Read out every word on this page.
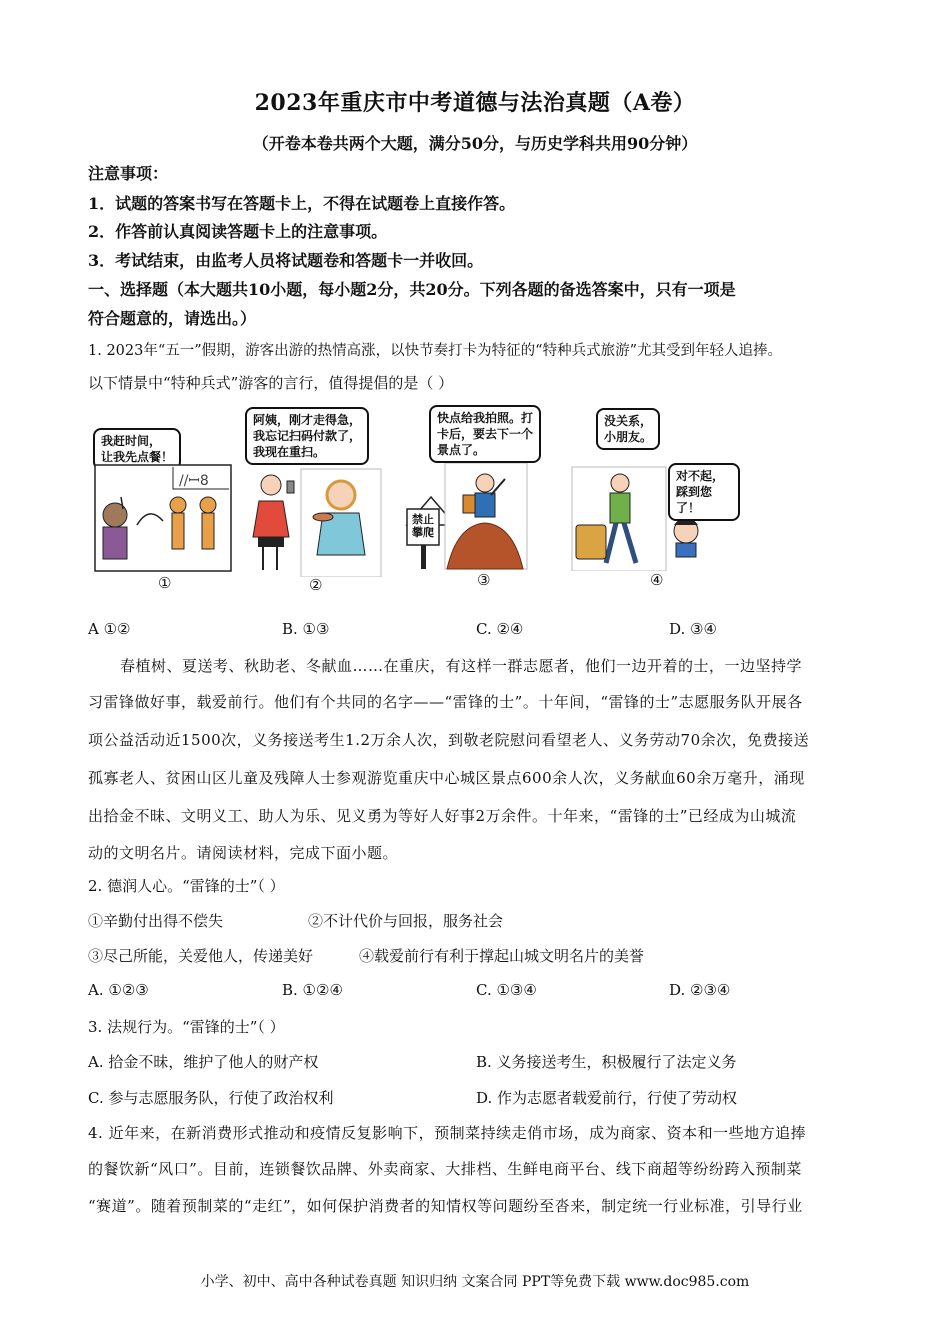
2023年重庆市中考道德与法治真题（A卷）
（开卷本卷共两个大题，满分50分，与历史学科共用90分钟）
注意事项：
1．试题的答案书写在答题卡上，不得在试题卷上直接作答。
2．作答前认真阅读答题卡上的注意事项。
3．考试结束，由监考人员将试题卷和答题卡一并收回。
一、选择题（本大题共10小题，每小题2分，共20分。下列各题的备选答案中，只有一项是
符合题意的，请选出。）
1. 2023年“五一”假期，游客出游的热情高涨，以快节奏打卡为特征的“特种兵式旅游”尤其受到年轻人追捧。
以下情景中“特种兵式”游客的言行，值得提倡的是（ ）
我赶时间，
让我先点餐！
//ꟷ8
①
阿姨，刚才走得急，
我忘记扫码付款了，
我现在重扫。
②
快点给我拍照。打
卡后，要去下一个
景点了。
禁止
攀爬
③
没关系，
小朋友。
对不起，
踩到您了！
④
A ①②	B. ①③	C. ②④	D. ③④
春植树、夏送考、秋助老、冬献血……在重庆，有这样一群志愿者，他们一边开着的士，一边坚持学
习雷锋做好事，载爱前行。他们有个共同的名字——“雷锋的士”。十年间，“雷锋的士”志愿服务队开展各
项公益活动近1500次，义务接送考生1.2万余人次，到敬老院慰问看望老人、义务劳动70余次，免费接送
孤寡老人、贫困山区儿童及残障人士参观游览重庆中心城区景点600余人次，义务献血60余万毫升，涌现
出拾金不昧、文明义工、助人为乐、见义勇为等好人好事2万余件。十年来，“雷锋的士”已经成为山城流
动的文明名片。请阅读材料，完成下面小题。
2. 德润人心。“雷锋的士”（ ）
①辛勤付出得不偿失	②不计代价与回报，服务社会
③尽己所能，关爱他人，传递美好	④载爱前行有利于撑起山城文明名片的美誉
A. ①②③	B. ①②④	C. ①③④	D. ②③④
3. 法规行为。“雷锋的士”（ ）
A. 拾金不昧，维护了他人的财产权	B. 义务接送考生，积极履行了法定义务
C. 参与志愿服务队，行使了政治权利	D. 作为志愿者载爱前行，行使了劳动权
4. 近年来，在新消费形式推动和疫情反复影响下，预制菜持续走俏市场，成为商家、资本和一些地方追捧
的餐饮新“风口”。目前，连锁餐饮品牌、外卖商家、大排档、生鲜电商平台、线下商超等纷纷跨入预制菜
“赛道”。随着预制菜的“走红”，如何保护消费者的知情权等问题纷至沓来，制定统一行业标准，引导行业
小学、初中、高中各种试卷真题 知识归纳 文案合同 PPT等免费下载 www.doc985.com
